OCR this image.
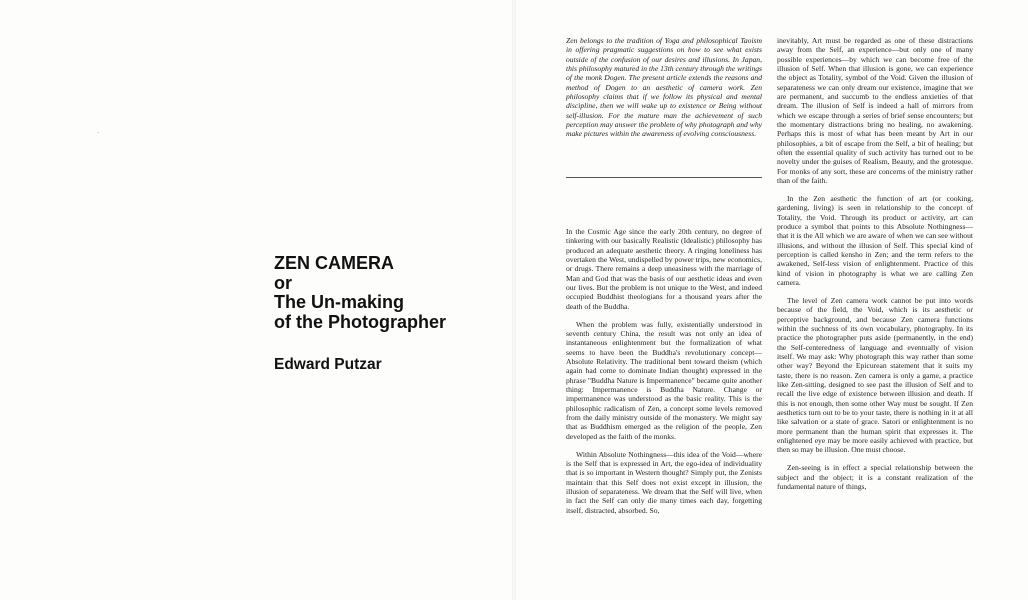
ZEN CAMERA
or
The Un-making
of the Photographer

Edward Putzar

Zen belongs to the tradition of Yoga and philosophical Taoism in offering pragmatic suggestions on how to see what exists outside of the confusion of our desires and illusions. In Japan, this philosophy matured in the 13th century through the writings of the monk Dogen. The present article extends the reasons and method of Dogen to an aesthetic of camera work. Zen philosophy claims that if we follow its physical and mental discipline, then we will wake up to existence or Being without self-illusion. For the mature man the achievement of such perception may answer the problem of why photograph and why make pictures within the awareness of evolving consciousness.

In the Cosmic Age since the early 20th century, no degree of tinkering with our basically Realistic (Idealistic) philosophy has produced an adequate aesthetic theory. A ringing loneliness has overtaken the West, undispelled by power trips, new economics, or drugs. There remains a deep uneasiness with the marriage of Man and God that was the basis of our aesthetic ideas and even our lives. But the problem is not unique to the West, and indeed occupied Buddhist theologians for a thousand years after the death of the Buddha.

When the problem was fully, existentially understood in seventh century China, the result was not only an idea of instantaneous enlightenment but the formalization of what seems to have been the Buddha's revolutionary concept—Absolute Relativity. The traditional bent toward theism (which again had come to dominate Indian thought) expressed in the phrase "Buddha Nature is Impermanence" became quite another thing: Impermanence is Buddha Nature. Change or impermanence was understood as the basic reality. This is the philosophic radicalism of Zen, a concept some levels removed from the daily ministry outside of the monastery. We might say that as Buddhism emerged as the religion of the people, Zen developed as the faith of the monks.

Within Absolute Nothingness—this idea of the Void—where is the Self that is expressed in Art, the ego-idea of individuality that is so important in Western thought? Simply put, the Zenists maintain that this Self does not exist except in illusion, the illusion of separateness. We dream that the Self will live, when in fact the Self can only die many times each day, forgetting itself, distracted, absorbed. So,

inevitably, Art must be regarded as one of these distractions away from the Self, an experience—but only one of many possible experiences—by which we can become free of the illusion of Self. When that illusion is gone, we can experience the object as Totality, symbol of the Void. Given the illusion of separateness we can only dream our existence, imagine that we are permanent, and succumb to the endless anxieties of that dream. The illusion of Self is indeed a hall of mirrors from which we escape through a series of brief sense encounters; but the momentary distractions bring no healing, no awakening. Perhaps this is most of what has been meant by Art in our philosophies, a bit of escape from the Self, a bit of healing; but often the essential quality of such activity has turned out to be novelty under the guises of Realism, Beauty, and the grotesque. For monks of any sort, these are concerns of the ministry rather than of the faith.

In the Zen aesthetic the function of art (or cooking, gardening, living) is seen in relationship to the concept of Totality, the Void. Through its product or activity, art can produce a symbol that points to this Absolute Nothingness—that it is the All which we are aware of when we can see without illusions, and without the illusion of Self. This special kind of perception is called kensho in Zen; and the term refers to the awakened, Self-less vision of enlightenment. Practice of this kind of vision in photography is what we are calling Zen camera.

The level of Zen camera work cannot be put into words because of the field, the Void, which is its aesthetic or perceptive background, and because Zen camera functions within the suchness of its own vocabulary, photography. In its practice the photographer puts aside (permanently, in the end) the Self-centeredness of language and eventually of vision itself. We may ask: Why photograph this way rather than some other way? Beyond the Epicurean statement that it suits my taste, there is no reason. Zen camera is only a game, a practice like Zen-sitting, designed to see past the illusion of Self and to recall the live edge of existence between illusion and death. If this is not enough, then some other Way must be sought. If Zen aesthetics turn out to be to your taste, there is nothing in it at all like salvation or a state of grace. Satori or enlightenment is no more permanent than the human spirit that expresses it. The enlightened eye may be more easily achieved with practice, but then so may be illusion. One must choose.

Zen-seeing is in effect a special relationship between the subject and the object; it is a constant realization of the fundamental nature of things,
